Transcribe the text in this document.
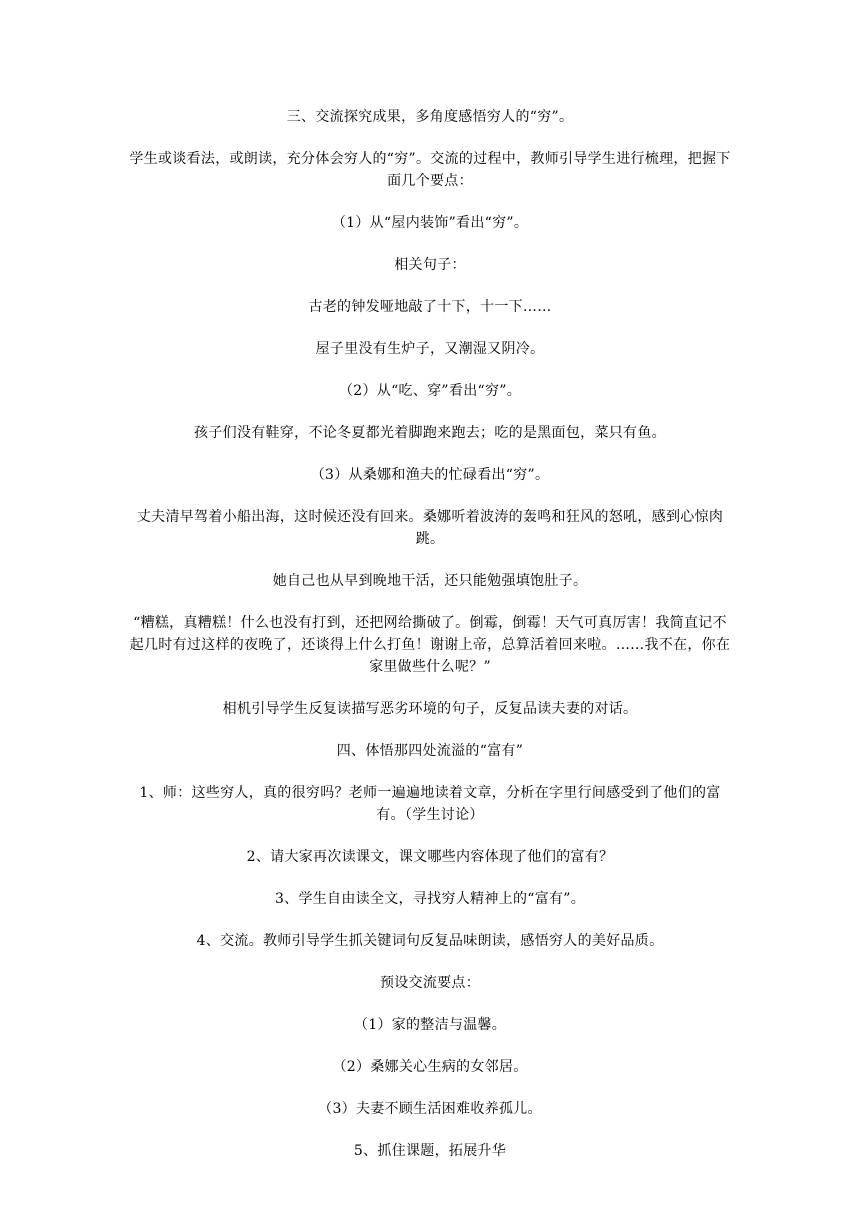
三、交流探究成果，多角度感悟穷人的“穷”。

学生或谈看法，或朗读，充分体会穷人的“穷”。交流的过程中，教师引导学生进行梳理，把握下面几个要点：

（1）从“屋内装饰”看出“穷”。

相关句子：

古老的钟发哑地敲了十下，十一下……

屋子里没有生炉子，又潮湿又阴冷。

（2）从“吃、穿”看出“穷”。

孩子们没有鞋穿，不论冬夏都光着脚跑来跑去；吃的是黑面包，菜只有鱼。

（3）从桑娜和渔夫的忙碌看出“穷”。

丈夫清早驾着小船出海，这时候还没有回来。桑娜听着波涛的轰鸣和狂风的怒吼，感到心惊肉跳。

她自己也从早到晚地干活，还只能勉强填饱肚子。

“糟糕，真糟糕！什么也没有打到，还把网给撕破了。倒霉，倒霉！天气可真厉害！我简直记不起几时有过这样的夜晚了，还谈得上什么打鱼！谢谢上帝，总算活着回来啦。……我不在，你在家里做些什么呢？”

相机引导学生反复读描写恶劣环境的句子，反复品读夫妻的对话。

四、体悟那四处流溢的“富有”

1、师：这些穷人，真的很穷吗？老师一遍遍地读着文章，分析在字里行间感受到了他们的富有。（学生讨论）

2、请大家再次读课文，课文哪些内容体现了他们的富有？

3、学生自由读全文，寻找穷人精神上的“富有”。

4、交流。教师引导学生抓关键词句反复品味朗读，感悟穷人的美好品质。

预设交流要点：

（1）家的整洁与温馨。

（2）桑娜关心生病的女邻居。

（3）夫妻不顾生活困难收养孤儿。

5、抓住课题，拓展升华
